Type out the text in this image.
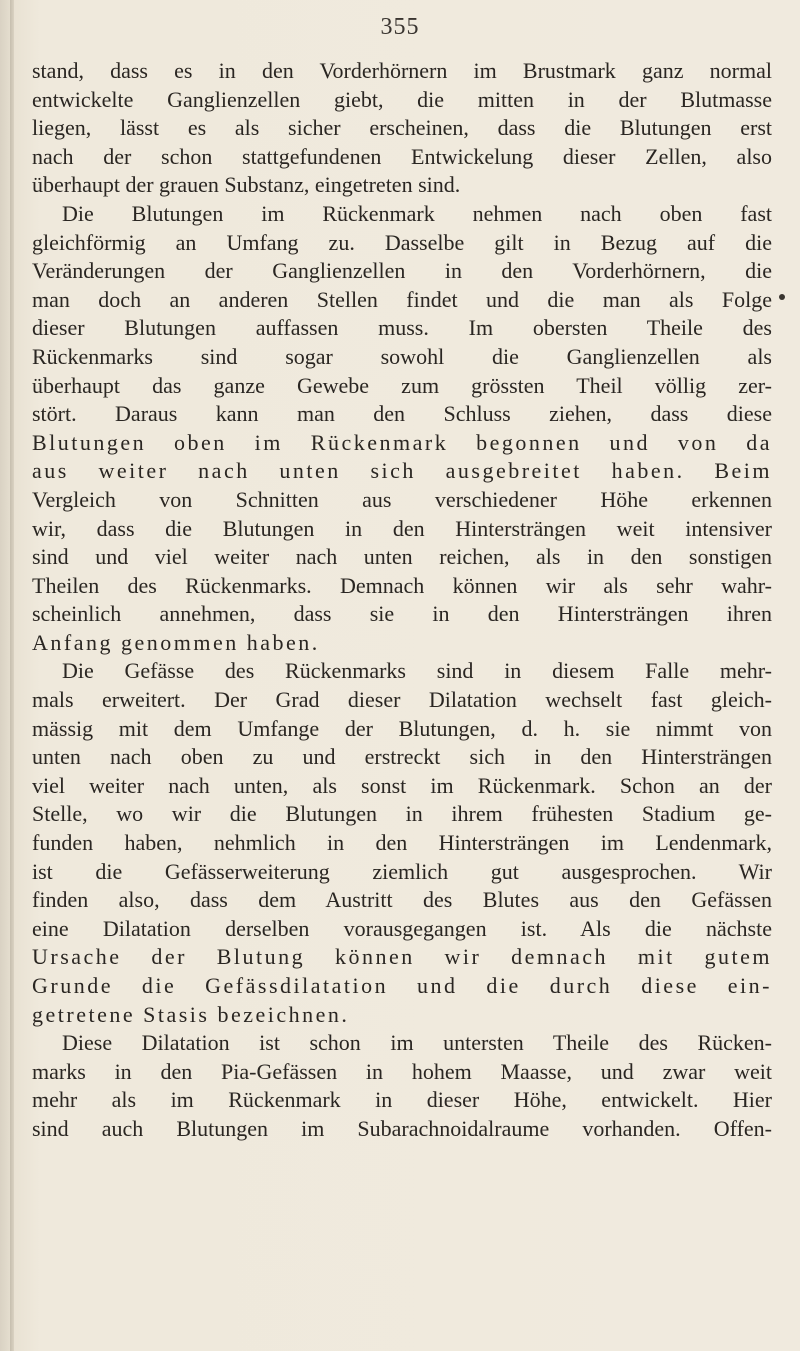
355
stand, dass es in den Vorderhörnern im Brustmark ganz normal
entwickelte Ganglienzellen giebt, die mitten in der Blutmasse
liegen, lässt es als sicher erscheinen, dass die Blutungen erst
nach der schon stattgefundenen Entwickelung dieser Zellen, also
überhaupt der grauen Substanz, eingetreten sind.
Die Blutungen im Rückenmark nehmen nach oben fast
gleichförmig an Umfang zu. Dasselbe gilt in Bezug auf die
Veränderungen der Ganglienzellen in den Vorderhörnern, die
man doch an anderen Stellen findet und die man als Folge
dieser Blutungen auffassen muss. Im obersten Theile des
Rückenmarks sind sogar sowohl die Ganglienzellen als
überhaupt das ganze Gewebe zum grössten Theil völlig zer-
stört. Daraus kann man den Schluss ziehen, dass diese
Blutungen oben im Rückenmark begonnen und von da
aus weiter nach unten sich ausgebreitet haben. Beim
Vergleich von Schnitten aus verschiedener Höhe erkennen
wir, dass die Blutungen in den Hintersträngen weit intensiver
sind und viel weiter nach unten reichen, als in den sonstigen
Theilen des Rückenmarks. Demnach können wir als sehr wahr-
scheinlich annehmen, dass sie in den Hintersträngen ihren
Anfang genommen haben.
Die Gefässe des Rückenmarks sind in diesem Falle mehr-
mals erweitert. Der Grad dieser Dilatation wechselt fast gleich-
mässig mit dem Umfange der Blutungen, d. h. sie nimmt von
unten nach oben zu und erstreckt sich in den Hintersträngen
viel weiter nach unten, als sonst im Rückenmark. Schon an der
Stelle, wo wir die Blutungen in ihrem frühesten Stadium ge-
funden haben, nehmlich in den Hintersträngen im Lendenmark,
ist die Gefässerweiterung ziemlich gut ausgesprochen. Wir
finden also, dass dem Austritt des Blutes aus den Gefässen
eine Dilatation derselben vorausgegangen ist. Als die nächste
Ursache der Blutung können wir demnach mit gutem
Grunde die Gefässdilatation und die durch diese ein-
getretene Stasis bezeichnen.
Diese Dilatation ist schon im untersten Theile des Rücken-
marks in den Pia-Gefässen in hohem Maasse, und zwar weit
mehr als im Rückenmark in dieser Höhe, entwickelt. Hier
sind auch Blutungen im Subarachnoidalraume vorhanden. Offen-
